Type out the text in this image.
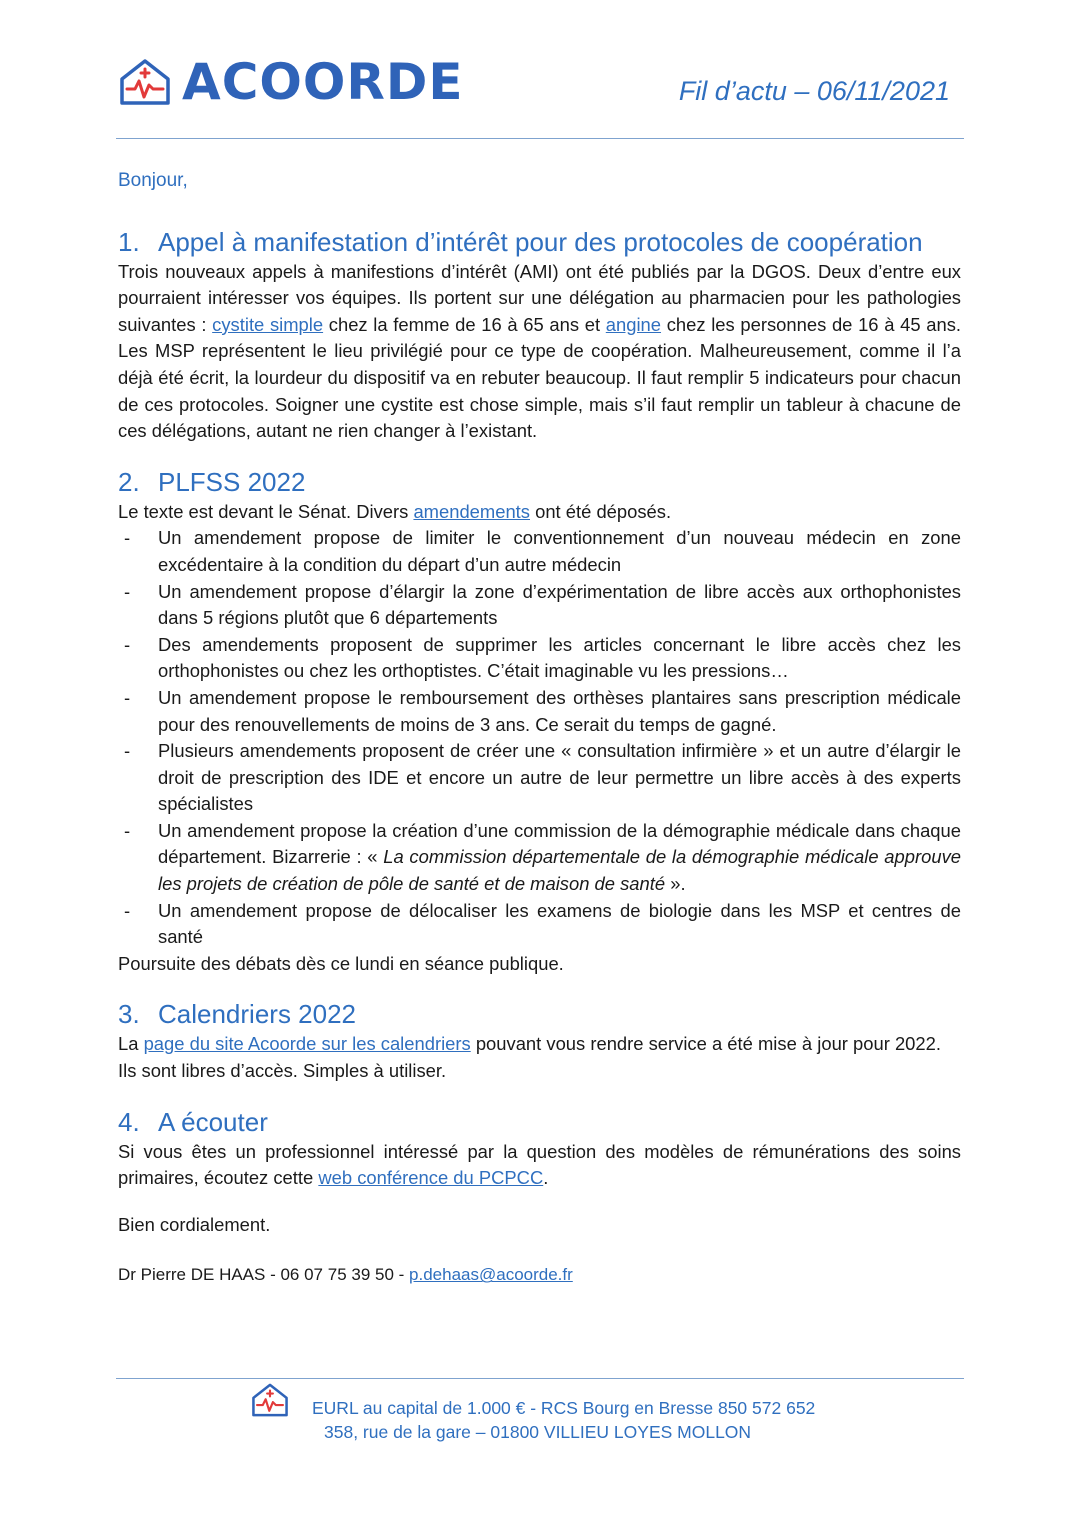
ACOORDE	Fil d’actu – 06/11/2021

Bonjour,

1. Appel à manifestation d’intérêt pour des protocoles de coopération

Trois nouveaux appels à manifestions d’intérêt (AMI) ont été publiés par la DGOS. Deux d’entre eux pourraient intéresser vos équipes. Ils portent sur une délégation au pharmacien pour les pathologies suivantes : cystite simple chez la femme de 16 à 65 ans et angine chez les personnes de 16 à 45 ans. Les MSP représentent le lieu privilégié pour ce type de coopération. Malheureusement, comme il l’a déjà été écrit, la lourdeur du dispositif va en rebuter beaucoup. Il faut remplir 5 indicateurs pour chacun de ces protocoles. Soigner une cystite est chose simple, mais s’il faut remplir un tableur à chacune de ces délégations, autant ne rien changer à l’existant.

2. PLFSS 2022

Le texte est devant le Sénat. Divers amendements ont été déposés.

- Un amendement propose de limiter le conventionnement d’un nouveau médecin en zone excédentaire à la condition du départ d’un autre médecin
- Un amendement propose d’élargir la zone d’expérimentation de libre accès aux orthophonistes dans 5 régions plutôt que 6 départements
- Des amendements proposent de supprimer les articles concernant le libre accès chez les orthophonistes ou chez les orthoptistes. C’était imaginable vu les pressions…
- Un amendement propose le remboursement des orthèses plantaires sans prescription médicale pour des renouvellements de moins de 3 ans. Ce serait du temps de gagné.
- Plusieurs amendements proposent de créer une « consultation infirmière » et un autre d’élargir le droit de prescription des IDE et encore un autre de leur permettre un libre accès à des experts spécialistes
- Un amendement propose la création d’une commission de la démographie médicale dans chaque département. Bizarrerie : « La commission départementale de la démographie médicale approuve les projets de création de pôle de santé et de maison de santé ».
- Un amendement propose de délocaliser les examens de biologie dans les MSP et centres de santé

Poursuite des débats dès ce lundi en séance publique.

3. Calendriers 2022

La page du site Acoorde sur les calendriers pouvant vous rendre service a été mise à jour pour 2022. Ils sont libres d’accès. Simples à utiliser.

4. A écouter

Si vous êtes un professionnel intéressé par la question des modèles de rémunérations des soins primaires, écoutez cette web conférence du PCPCC.

Bien cordialement.

Dr Pierre DE HAAS - 06 07 75 39 50 - p.dehaas@acoorde.fr

EURL au capital de 1.000 € - RCS Bourg en Bresse 850 572 652
358, rue de la gare – 01800 VILLIEU LOYES MOLLON
